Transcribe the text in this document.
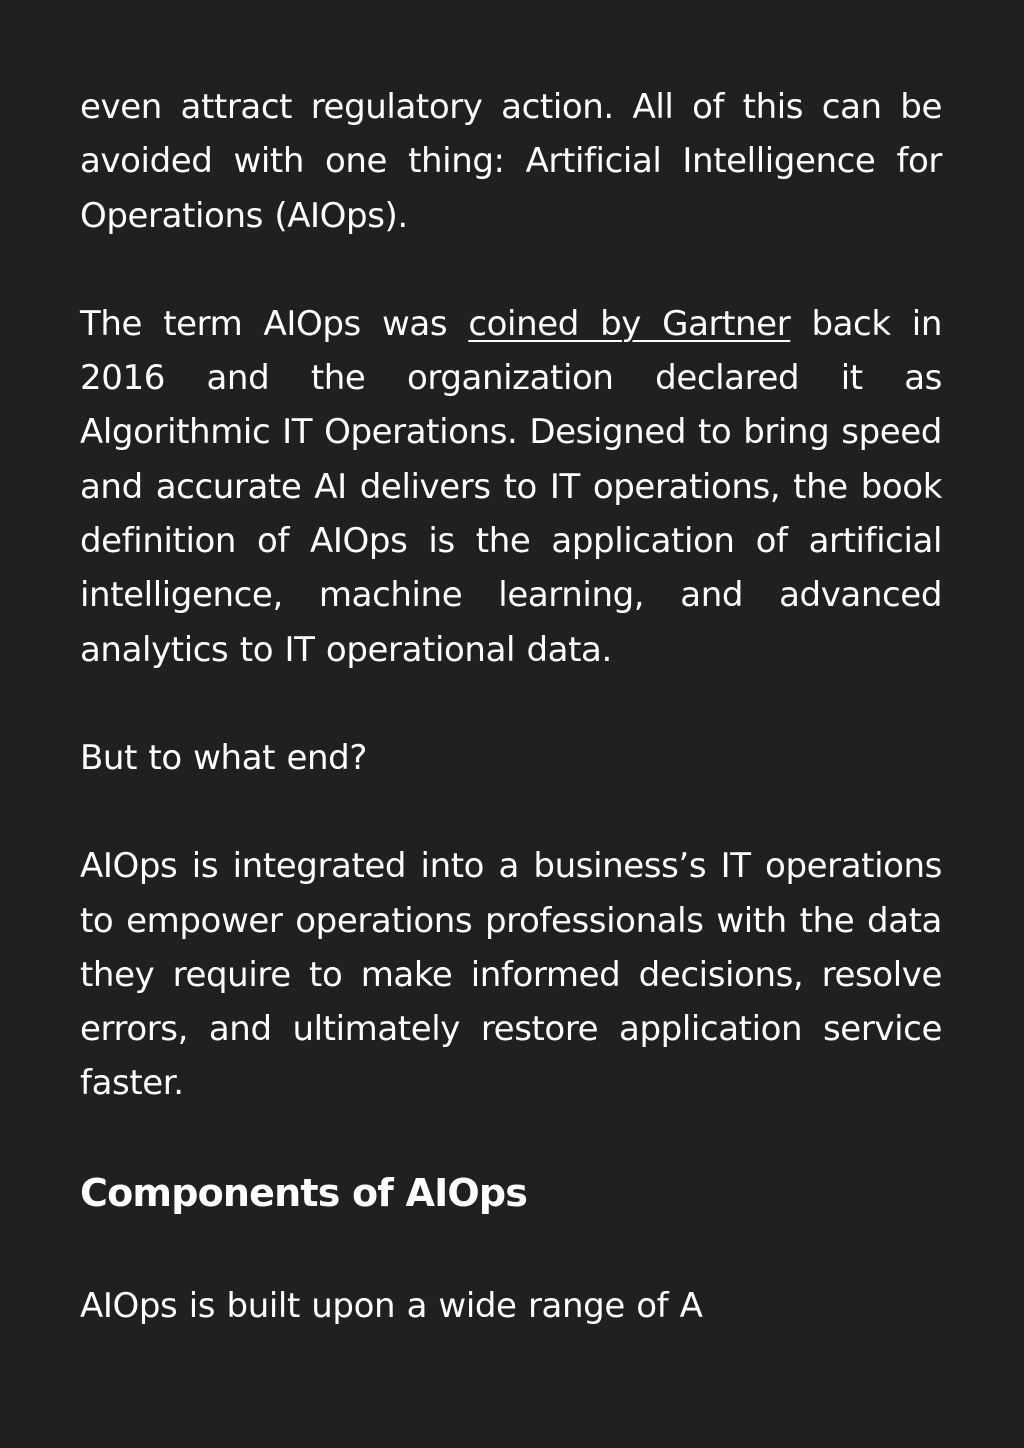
even attract regulatory action. All of this can be avoided with one thing: Artificial Intelligence for Operations (AIOps).

The term AIOps was coined by Gartner back in 2016 and the organization declared it as Algorithmic IT Operations. Designed to bring speed and accurate AI delivers to IT operations, the book definition of AIOps is the application of artificial intelligence, machine learning, and advanced analytics to IT operational data.

But to what end?

AIOps is integrated into a business’s IT operations to empower operations professionals with the data they require to make informed decisions, resolve errors, and ultimately restore application service faster.

Components of AIOps

AIOps is built upon a wide range of A
